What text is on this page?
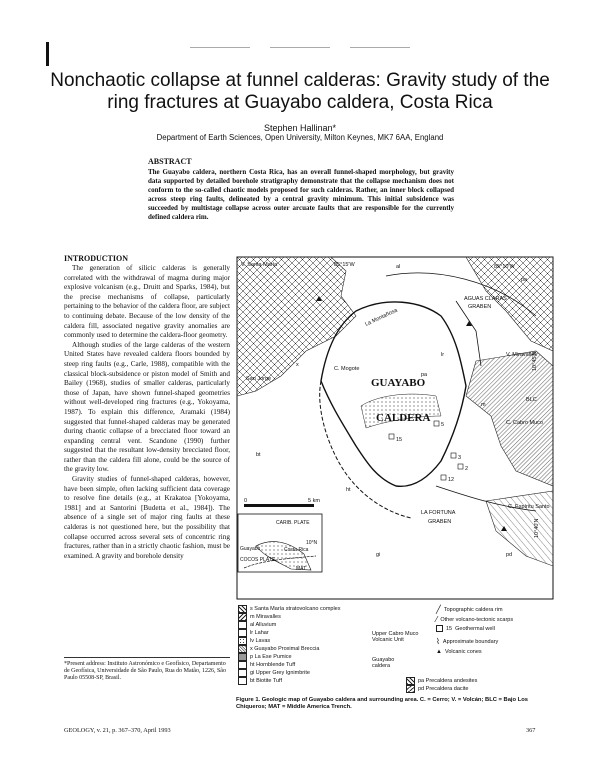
Nonchaotic collapse at funnel calderas: Gravity study of the ring fractures at Guayabo caldera, Costa Rica
Stephen Hallinan*
Department of Earth Sciences, Open University, Milton Keynes, MK7 6AA, England
ABSTRACT
The Guayabo caldera, northern Costa Rica, has an overall funnel-shaped morphology, but gravity data supported by detailed borehole stratigraphy demonstrate that the collapse mechanism does not conform to the so-called chaotic models proposed for such calderas. Rather, an inner block collapsed across steep ring faults, delineated by a central gravity minimum. This initial subsidence was succeeded by multistage collapse across outer arcuate faults that are responsible for the currently defined caldera rim.
INTRODUCTION

The generation of silicic calderas is generally correlated with the withdrawal of magma during major explosive volcanism (e.g., Druitt and Sparks, 1984), but the precise mechanisms of collapse, particularly pertaining to the behavior of the caldera floor, are subject to continuing debate. Because of the low density of the caldera fill, associated negative gravity anomalies are commonly used to determine the caldera-floor geometry.

Although studies of the large calderas of the western United States have revealed caldera floors bounded by steep ring faults (e.g., Carle, 1988), compatible with the classical block-subsidence or piston model of Smith and Bailey (1968), studies of smaller calderas, particularly those of Japan, have shown funnel-shaped geometries without well-developed ring fractures (e.g., Yokoyama, 1987). To explain this difference, Aramaki (1984) suggested that funnel-shaped calderas may be generated during chaotic collapse of a brecciated floor toward an expanding central vent. Scandone (1990) further suggested that the resultant low-density brecciated floor, rather than the caldera fill alone, could be the source of the gravity low.

Gravity studies of funnel-shaped calderas, however, have been simple, often lacking sufficient data coverage to resolve fine details (e.g., at Krakatoa [Yokoyama, 1981] and at Santorini [Budetta et al., 1984]). The absence of a single set of major ring faults at these calderas is not questioned here, but the possibility that collapse occurred across several sets of concentric ring fractures, rather than in a strictly chaotic fashion, must be examined. A gravity and borehole density

*Present address: Instituto Astronómico e Geofísico, Departamento de Geofísica, Universidade de São Paulo, Rua do Matão, 1226, São Paulo 05508-SP, Brasil.
GEOLOGY, v. 21, p. 367–370, April 1993	367
V. Santa María	85°15'W	85°10'W
al
pa
AGUAS CLARAS
GRABEN
La Montañosa
C. Mogote
San Jorge
V. Miravalles
BLC
C. Cabro Muco
C. Espíritu Santo
LA FORTUNA
GRABEN
0	5 km
10°45'N
10°40'N
CARIB. PLATE
COCOS PLATE
Costa Rica
10°N
Guayabo
MAT
15
3
2
12
5
x
m
lr
bt
ht
gi	pd
pa
GUAYABO
CALDERA
s Santa María stratovolcano complex
m Miravalles
al Alluvium
lr Lahar
lv Lavas
x Guayabo Proximal Breccia
p La Ese Pumice
ht Hornblende Tuff
gi Upper Grey Ignimbrite
bt Biotite Tuff
Upper Cabro Muco Volcanic Unit
Guayabo caldera
╱ Topographic caldera rim
⁄ Other volcano-tectonic scarps
15 Geothermal well
⌇ Approximate boundary
▲ Volcanic cones
pa Precaldera andesites
pd Precaldera dacite
Figure 1. Geologic map of Guayabo caldera and surrounding area. C. = Cerro; V. = Volcán; BLC = Bajo Los Chiqueros; MAT = Middle America Trench.
